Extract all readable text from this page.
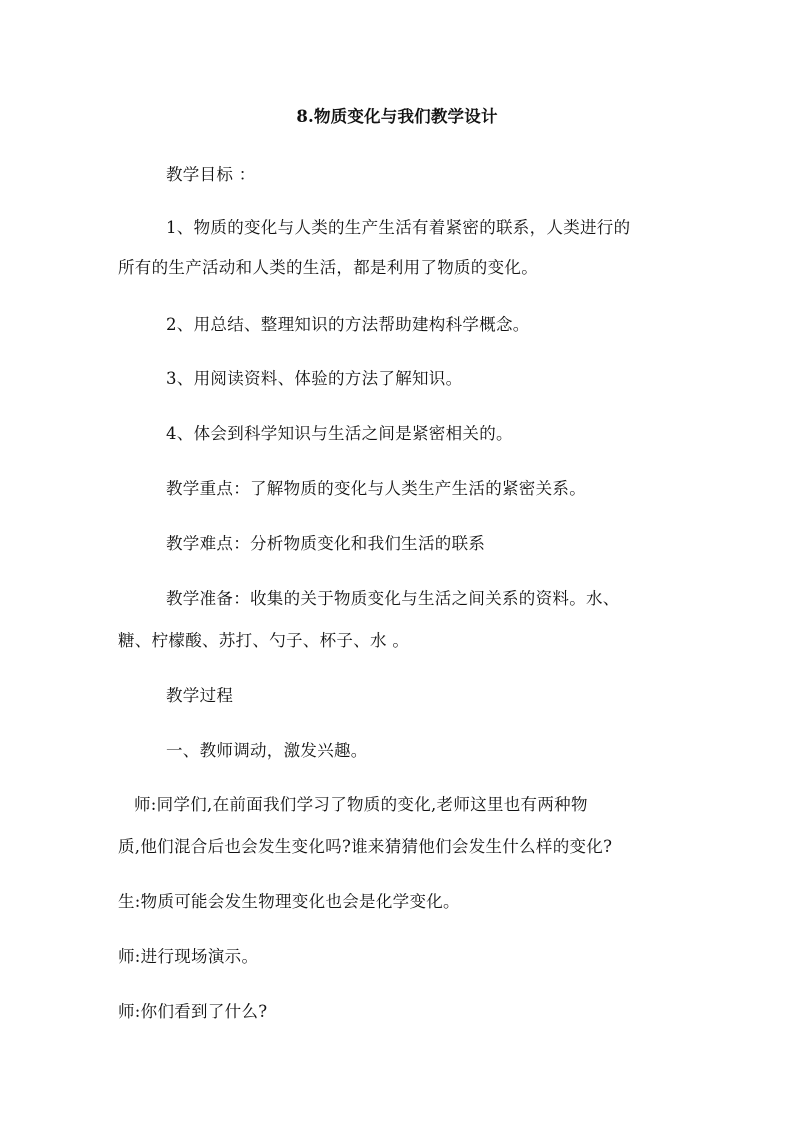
8.物质变化与我们教学设计
教学目标 ：
1、物质的变化与人类的生产生活有着紧密的联系，人类进行的
所有的生产活动和人类的生活，都是利用了物质的变化。
2、用总结、整理知识的方法帮助建构科学概念。
3、用阅读资料、体验的方法了解知识。
4、体会到科学知识与生活之间是紧密相关的。
教学重点：了解物质的变化与人类生产生活的紧密关系。
教学难点：分析物质变化和我们生活的联系
教学准备：收集的关于物质变化与生活之间关系的资料。水、
糖、柠檬酸、苏打、勺子、杯子、水 。
教学过程
一、教师调动，激发兴趣。
师:同学们,在前面我们学习了物质的变化,老师这里也有两种物
质,他们混合后也会发生变化吗?谁来猜猜他们会发生什么样的变化?
生:物质可能会发生物理变化也会是化学变化。
师:进行现场演示。
师:你们看到了什么?
